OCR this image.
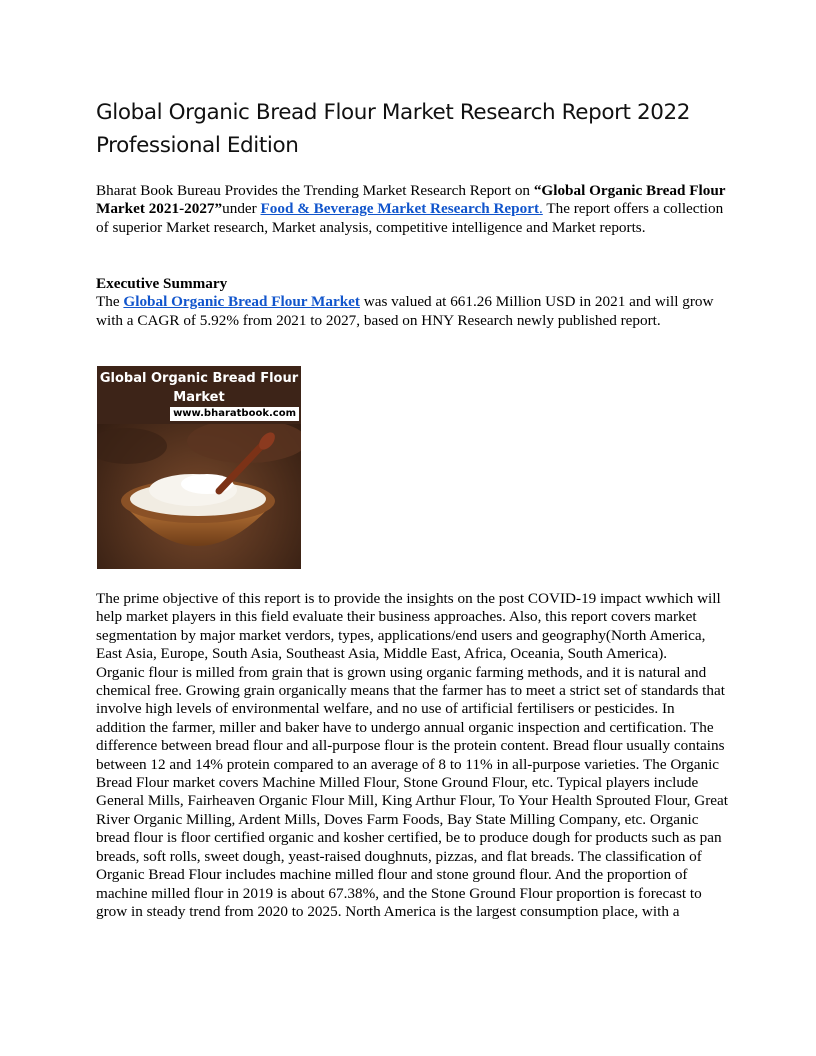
Global Organic Bread Flour Market Research Report 2022 Professional Edition

Bharat Book Bureau Provides the Trending Market Research Report on “Global Organic Bread Flour Market 2021-2027”under Food & Beverage Market Research Report. The report offers a collection of superior Market research, Market analysis, competitive intelligence and Market reports.

Executive Summary
The Global Organic Bread Flour Market was valued at 661.26 Million USD in 2021 and will grow with a CAGR of 5.92% from 2021 to 2027, based on HNY Research newly published report.

Global Organic Bread Flour Market
www.bharatbook.com

The prime objective of this report is to provide the insights on the post COVID-19 impact wwhich will help market players in this field evaluate their business approaches. Also, this report covers market segmentation by major market verdors, types, applications/end users and geography(North America, East Asia, Europe, South Asia, Southeast Asia, Middle East, Africa, Oceania, South America).
Organic flour is milled from grain that is grown using organic farming methods, and it is natural and chemical free. Growing grain organically means that the farmer has to meet a strict set of standards that involve high levels of environmental welfare, and no use of artificial fertilisers or pesticides. In addition the farmer, miller and baker have to undergo annual organic inspection and certification. The difference between bread flour and all-purpose flour is the protein content. Bread flour usually contains between 12 and 14% protein compared to an average of 8 to 11% in all-purpose varieties. The Organic Bread Flour market covers Machine Milled Flour, Stone Ground Flour, etc. Typical players include General Mills, Fairheaven Organic Flour Mill, King Arthur Flour, To Your Health Sprouted Flour, Great River Organic Milling, Ardent Mills, Doves Farm Foods, Bay State Milling Company, etc. Organic bread flour is floor certified organic and kosher certified, be to produce dough for products such as pan breads, soft rolls, sweet dough, yeast-raised doughnuts, pizzas, and flat breads. The classification of Organic Bread Flour includes machine milled flour and stone ground flour. And the proportion of machine milled flour in 2019 is about 67.38%, and the Stone Ground Flour proportion is forecast to grow in steady trend from 2020 to 2025. North America is the largest consumption place, with a
